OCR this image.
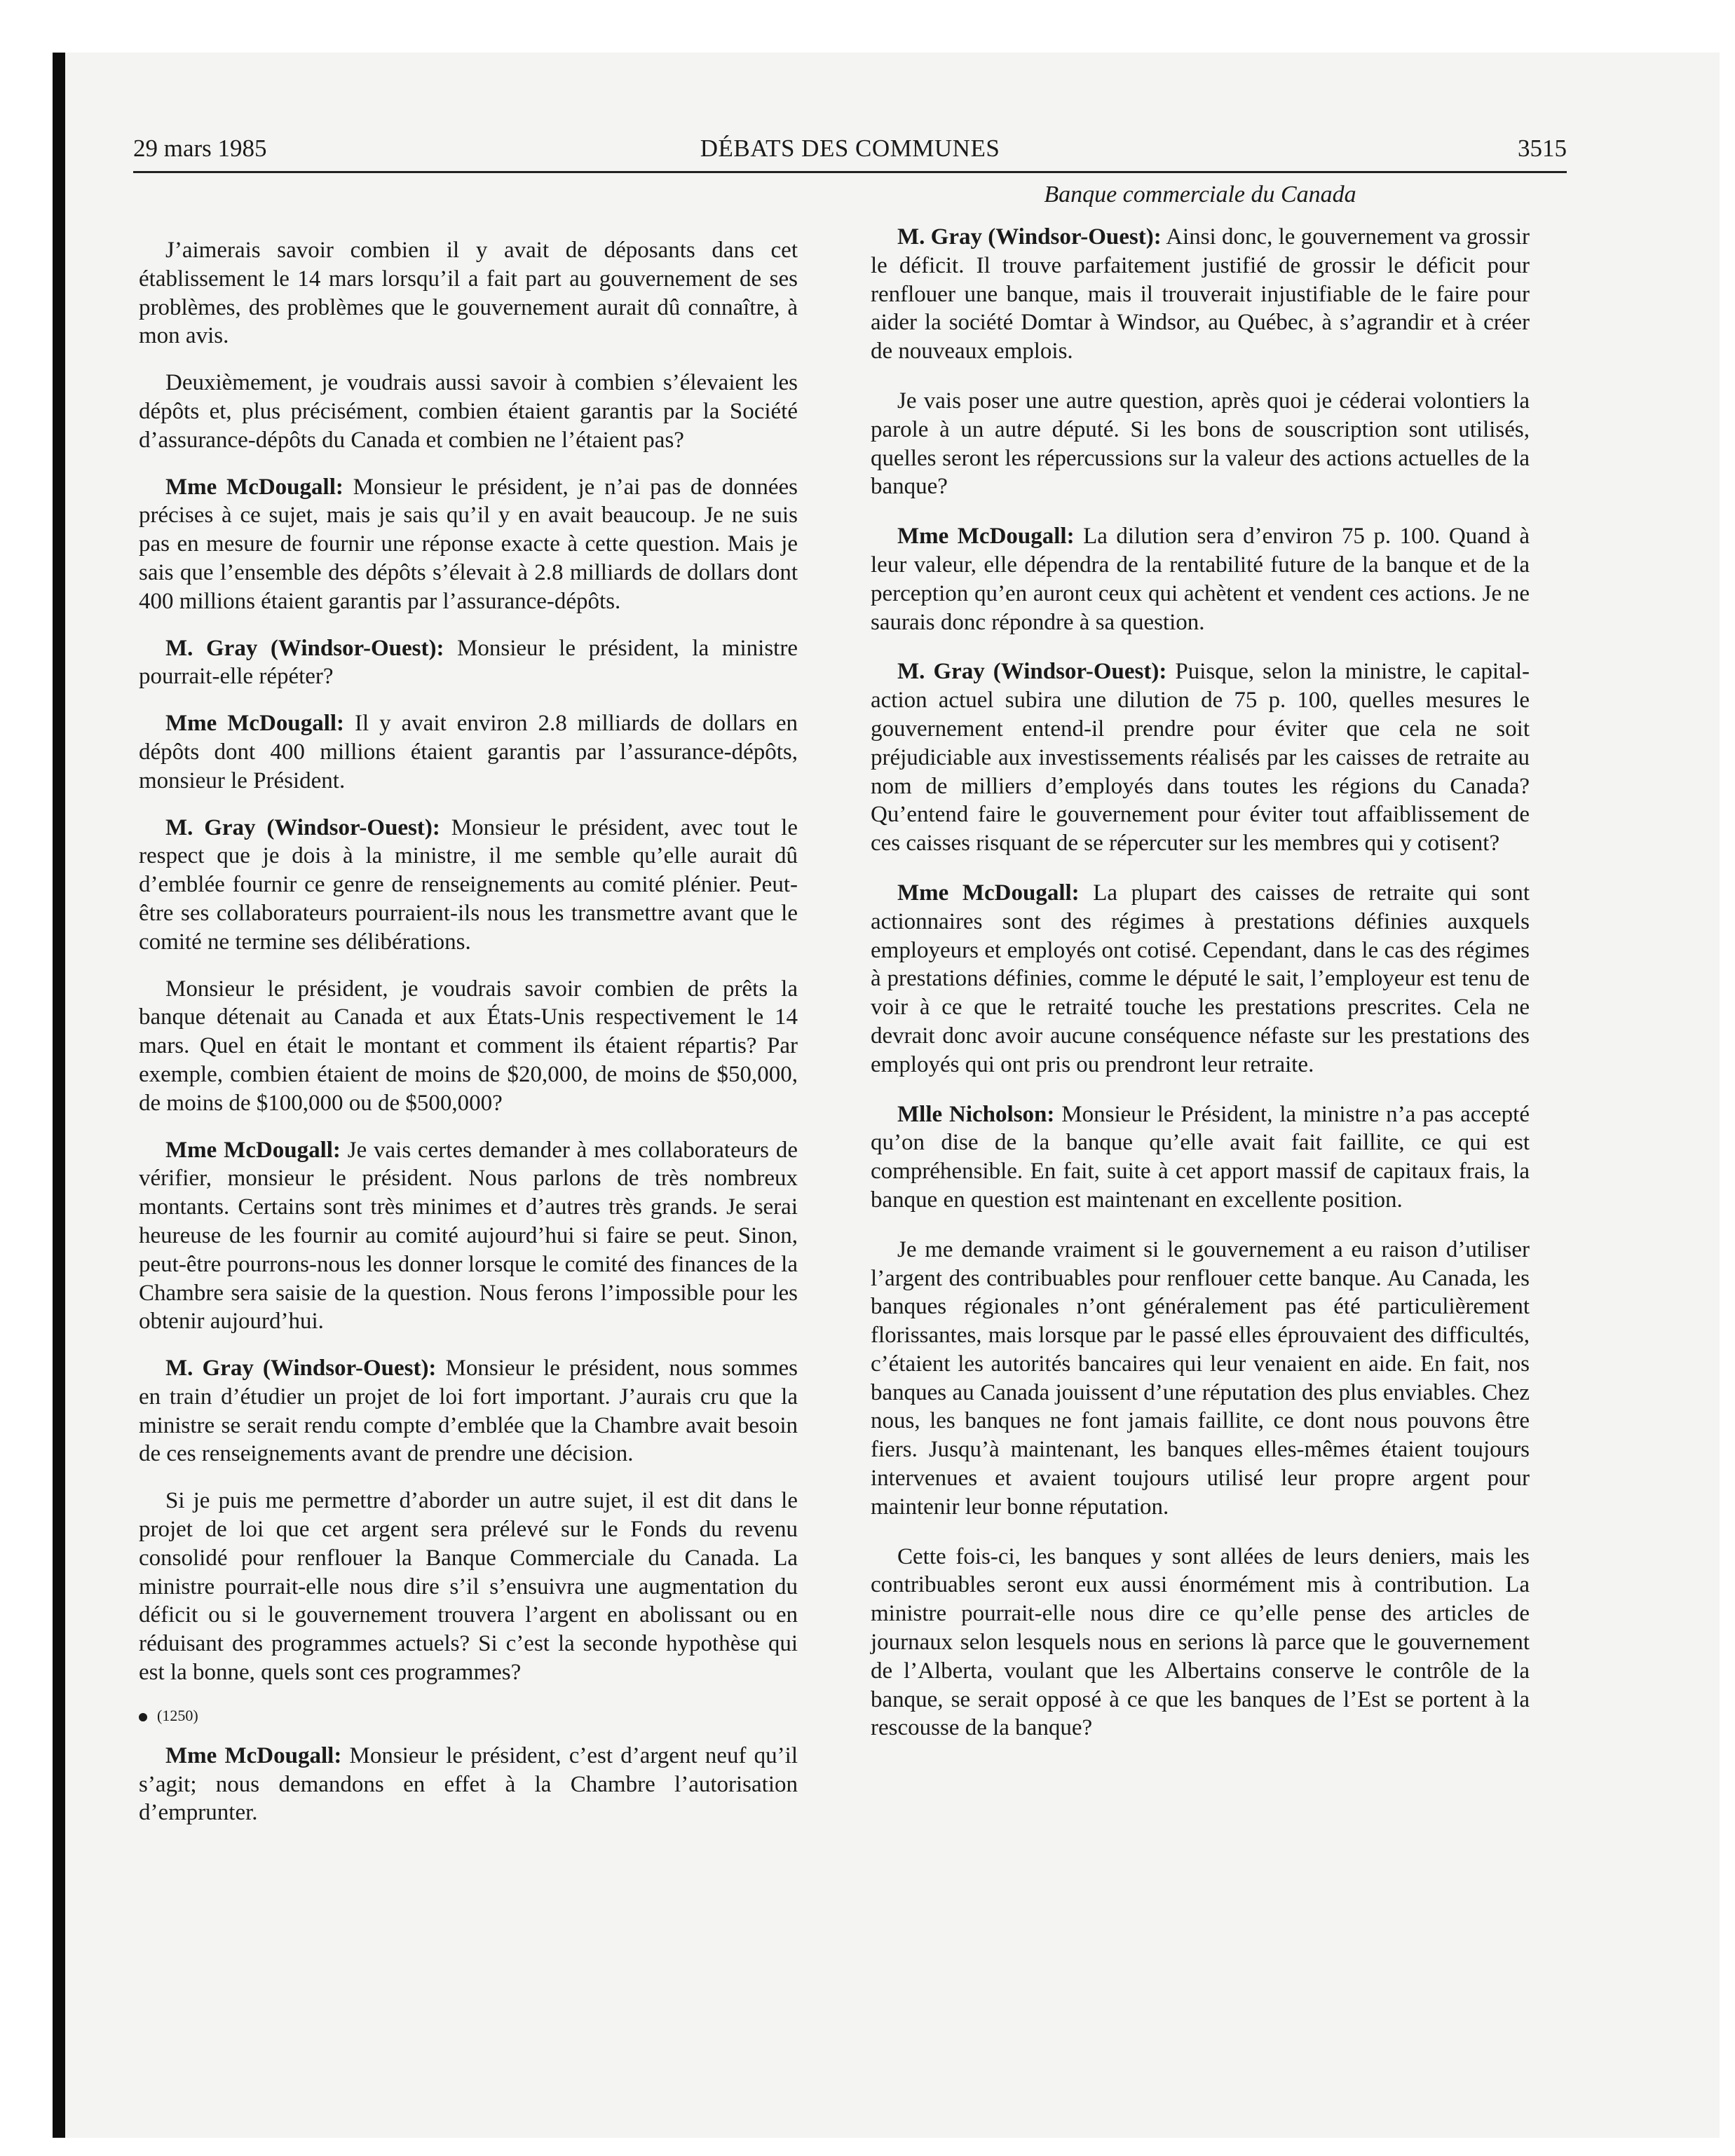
29 mars 1985	DÉBATS DES COMMUNES	3515

J’aimerais savoir combien il y avait de déposants dans cet établissement le 14 mars lorsqu’il a fait part au gouvernement de ses problèmes, des problèmes que le gouvernement aurait dû connaître, à mon avis.

Deuxièmement, je voudrais aussi savoir à combien s’élevaient les dépôts et, plus précisément, combien étaient garantis par la Société d’assurance-dépôts du Canada et combien ne l’étaient pas?

Mme McDougall: Monsieur le président, je n’ai pas de données précises à ce sujet, mais je sais qu’il y en avait beaucoup. Je ne suis pas en mesure de fournir une réponse exacte à cette question. Mais je sais que l’ensemble des dépôts s’élevait à 2.8 milliards de dollars dont 400 millions étaient garantis par l’assurance-dépôts.

M. Gray (Windsor-Ouest): Monsieur le président, la ministre pourrait-elle répéter?

Mme McDougall: Il y avait environ 2.8 milliards de dollars en dépôts dont 400 millions étaient garantis par l’assurance-dépôts, monsieur le Président.

M. Gray (Windsor-Ouest): Monsieur le président, avec tout le respect que je dois à la ministre, il me semble qu’elle aurait dû d’emblée fournir ce genre de renseignements au comité plénier. Peut-être ses collaborateurs pourraient-ils nous les transmettre avant que le comité ne termine ses délibérations.

Monsieur le président, je voudrais savoir combien de prêts la banque détenait au Canada et aux États-Unis respectivement le 14 mars. Quel en était le montant et comment ils étaient répartis? Par exemple, combien étaient de moins de $20,000, de moins de $50,000, de moins de $100,000 ou de $500,000?

Mme McDougall: Je vais certes demander à mes collaborateurs de vérifier, monsieur le président. Nous parlons de très nombreux montants. Certains sont très minimes et d’autres très grands. Je serai heureuse de les fournir au comité aujourd’hui si faire se peut. Sinon, peut-être pourrons-nous les donner lorsque le comité des finances de la Chambre sera saisie de la question. Nous ferons l’impossible pour les obtenir aujourd’hui.

M. Gray (Windsor-Ouest): Monsieur le président, nous sommes en train d’étudier un projet de loi fort important. J’aurais cru que la ministre se serait rendu compte d’emblée que la Chambre avait besoin de ces renseignements avant de prendre une décision.

Si je puis me permettre d’aborder un autre sujet, il est dit dans le projet de loi que cet argent sera prélevé sur le Fonds du revenu consolidé pour renflouer la Banque Commerciale du Canada. La ministre pourrait-elle nous dire s’il s’ensuivra une augmentation du déficit ou si le gouvernement trouvera l’argent en abolissant ou en réduisant des programmes actuels? Si c’est la seconde hypothèse qui est la bonne, quels sont ces programmes?

(1250)

Mme McDougall: Monsieur le président, c’est d’argent neuf qu’il s’agit; nous demandons en effet à la Chambre l’autorisation d’emprunter.

Banque commerciale du Canada

M. Gray (Windsor-Ouest): Ainsi donc, le gouvernement va grossir le déficit. Il trouve parfaitement justifié de grossir le déficit pour renflouer une banque, mais il trouverait injustifiable de le faire pour aider la société Domtar à Windsor, au Québec, à s’agrandir et à créer de nouveaux emplois.

Je vais poser une autre question, après quoi je céderai volontiers la parole à un autre député. Si les bons de souscription sont utilisés, quelles seront les répercussions sur la valeur des actions actuelles de la banque?

Mme McDougall: La dilution sera d’environ 75 p. 100. Quand à leur valeur, elle dépendra de la rentabilité future de la banque et de la perception qu’en auront ceux qui achètent et vendent ces actions. Je ne saurais donc répondre à sa question.

M. Gray (Windsor-Ouest): Puisque, selon la ministre, le capital-action actuel subira une dilution de 75 p. 100, quelles mesures le gouvernement entend-il prendre pour éviter que cela ne soit préjudiciable aux investissements réalisés par les caisses de retraite au nom de milliers d’employés dans toutes les régions du Canada? Qu’entend faire le gouvernement pour éviter tout affaiblissement de ces caisses risquant de se répercuter sur les membres qui y cotisent?

Mme McDougall: La plupart des caisses de retraite qui sont actionnaires sont des régimes à prestations définies auxquels employeurs et employés ont cotisé. Cependant, dans le cas des régimes à prestations définies, comme le député le sait, l’employeur est tenu de voir à ce que le retraité touche les prestations prescrites. Cela ne devrait donc avoir aucune conséquence néfaste sur les prestations des employés qui ont pris ou prendront leur retraite.

Mlle Nicholson: Monsieur le Président, la ministre n’a pas accepté qu’on dise de la banque qu’elle avait fait faillite, ce qui est compréhensible. En fait, suite à cet apport massif de capitaux frais, la banque en question est maintenant en excellente position.

Je me demande vraiment si le gouvernement a eu raison d’utiliser l’argent des contribuables pour renflouer cette banque. Au Canada, les banques régionales n’ont généralement pas été particulièrement florissantes, mais lorsque par le passé elles éprouvaient des difficultés, c’étaient les autorités bancaires qui leur venaient en aide. En fait, nos banques au Canada jouissent d’une réputation des plus enviables. Chez nous, les banques ne font jamais faillite, ce dont nous pouvons être fiers. Jusqu’à maintenant, les banques elles-mêmes étaient toujours intervenues et avaient toujours utilisé leur propre argent pour maintenir leur bonne réputation.

Cette fois-ci, les banques y sont allées de leurs deniers, mais les contribuables seront eux aussi énormément mis à contribution. La ministre pourrait-elle nous dire ce qu’elle pense des articles de journaux selon lesquels nous en serions là parce que le gouvernement de l’Alberta, voulant que les Albertains conserve le contrôle de la banque, se serait opposé à ce que les banques de l’Est se portent à la rescousse de la banque?
